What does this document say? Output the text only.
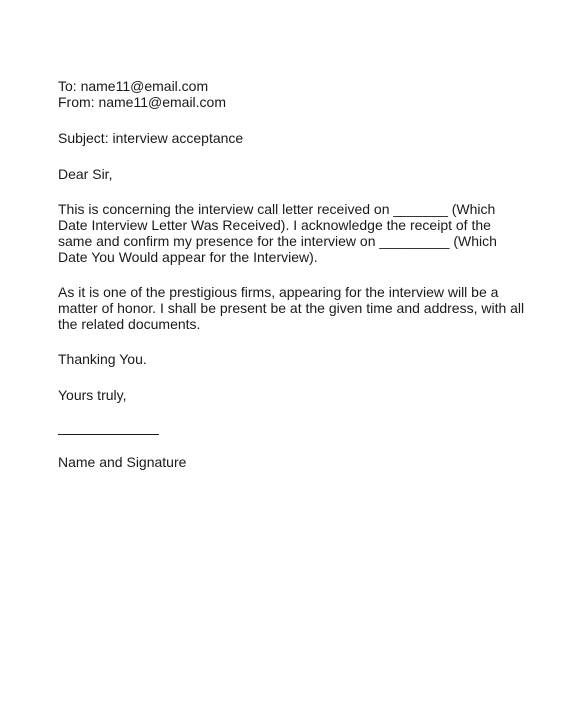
To: name11@email.com
From: name11@email.com
Subject: interview acceptance
Dear Sir,

This is concerning the interview call letter received on _______ (Which
Date Interview Letter Was Received). I acknowledge the receipt of the
same and confirm my presence for the interview on _________ (Which
Date You Would appear for the Interview).

As it is one of the prestigious firms, appearing for the interview will be a
matter of honor. I shall be present be at the given time and address, with all
the related documents.

Thanking You.
Yours truly,
Name and Signature
